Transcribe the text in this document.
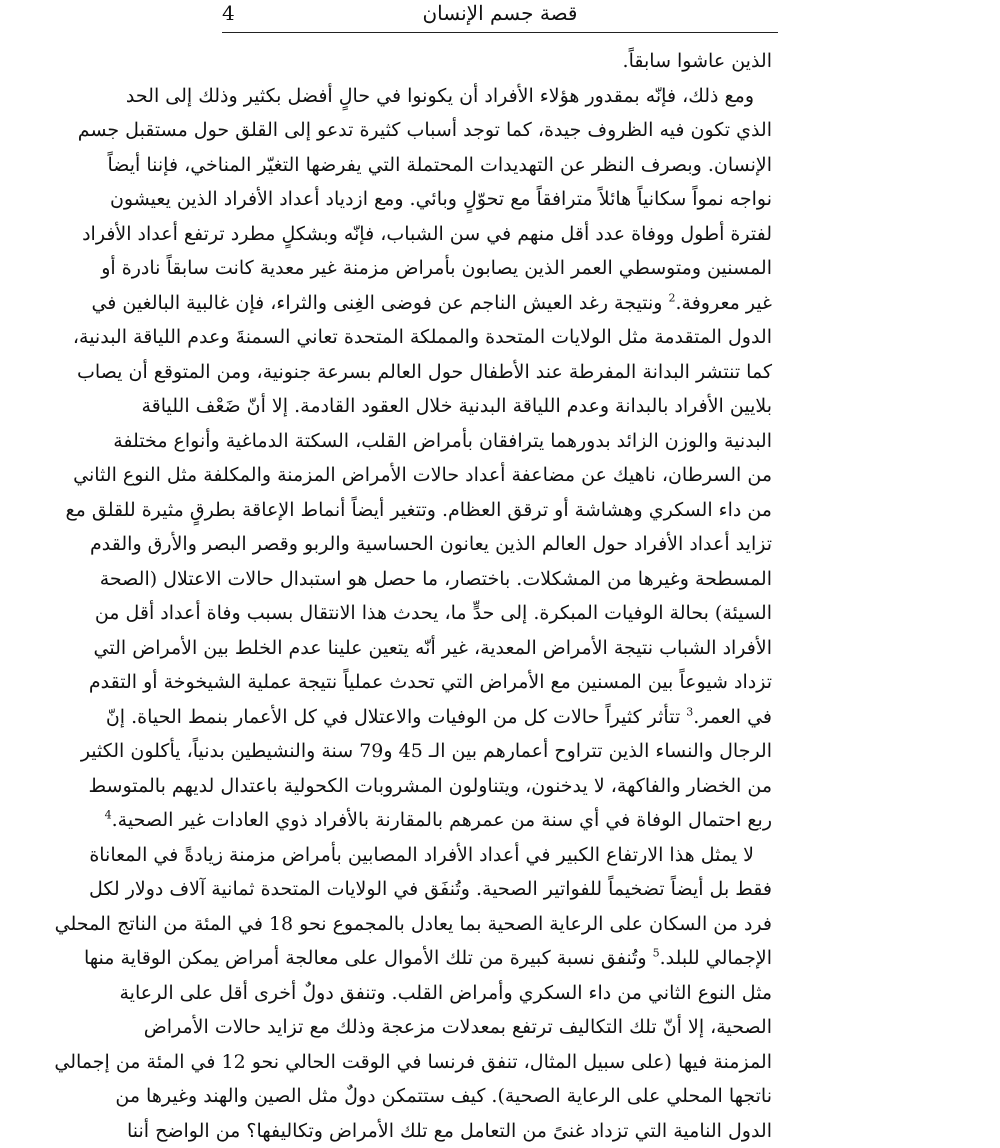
4	قصة جسم الإنسان
الذين عاشوا سابقاً.
ومع ذلك، فإنّه بمقدور هؤلاء الأفراد أن يكونوا في حالٍ أفضل بكثير وذلك إلى الحد
الذي تكون فيه الظروف جيدة، كما توجد أسباب كثيرة تدعو إلى القلق حول مستقبل جسم
الإنسان. وبصرف النظر عن التهديدات المحتملة التي يفرضها التغيّر المناخي، فإننا أيضاً
نواجه نمواً سكانياً هائلاً مترافقاً مع تحوّلٍ وبائي. ومع ازدياد أعداد الأفراد الذين يعيشون
لفترة أطول ووفاة عدد أقل منهم في سن الشباب، فإنّه وبشكلٍ مطرد ترتفع أعداد الأفراد
المسنين ومتوسطي العمر الذين يصابون بأمراض مزمنة غير معدية كانت سابقاً نادرة أو
غير معروفة.$^2$ ونتيجة رغد العيش الناجم عن فوضى الغِنى والثراء، فإن غالبية البالغين في
الدول المتقدمة مثل الولايات المتحدة والمملكة المتحدة تعاني السمنةَ وعدم اللياقة البدنية،
كما تنتشر البدانة المفرطة عند الأطفال حول العالم بسرعة جنونية، ومن المتوقع أن يصاب
بلايين الأفراد بالبدانة وعدم اللياقة البدنية خلال العقود القادمة. إلا أنّ ضَعْف اللياقة
البدنية والوزن الزائد بدورهما يترافقان بأمراض القلب، السكتة الدماغية وأنواع مختلفة
من السرطان، ناهيك عن مضاعفة أعداد حالات الأمراض المزمنة والمكلفة مثل النوع الثاني
من داء السكري وهشاشة أو ترقق العظام. وتتغير أيضاً أنماط الإعاقة بطرقٍ مثيرة للقلق مع
تزايد أعداد الأفراد حول العالم الذين يعانون الحساسية والربو وقصر البصر والأرق والقدم
المسطحة وغيرها من المشكلات. باختصار، ما حصل هو استبدال حالات الاعتلال (الصحة
السيئة) بحالة الوفيات المبكرة. إلى حدٍّ ما، يحدث هذا الانتقال بسبب وفاة أعداد أقل من
الأفراد الشباب نتيجة الأمراض المعدية، غير أنّه يتعين علينا عدم الخلط بين الأمراض التي
تزداد شيوعاً بين المسنين مع الأمراض التي تحدث عملياً نتيجة عملية الشيخوخة أو التقدم
في العمر.$^3$ تتأثر كثيراً حالات كل من الوفيات والاعتلال في كل الأعمار بنمط الحياة. إنّ
الرجال والنساء الذين تتراوح أعمارهم بين الـ 45 و79 سنة والنشيطين بدنياً، يأكلون الكثير
من الخضار والفاكهة، لا يدخنون، ويتناولون المشروبات الكحولية باعتدال لديهم بالمتوسط
ربع احتمال الوفاة في أي سنة من عمرهم بالمقارنة بالأفراد ذوي العادات غير الصحية.$^4$
لا يمثل هذا الارتفاع الكبير في أعداد الأفراد المصابين بأمراض مزمنة زيادةً في المعاناة
فقط بل أيضاً تضخيماً للفواتير الصحية. وتُنفَق في الولايات المتحدة ثمانية آلاف دولار لكل
فرد من السكان على الرعاية الصحية بما يعادل بالمجموع نحو 18 في المئة من الناتج المحلي
الإجمالي للبلد.$^5$ وتُنفق نسبة كبيرة من تلك الأموال على معالجة أمراض يمكن الوقاية منها
مثل النوع الثاني من داء السكري وأمراض القلب. وتنفق دولٌ أخرى أقل على الرعاية
الصحية، إلا أنّ تلك التكاليف ترتفع بمعدلات مزعجة وذلك مع تزايد حالات الأمراض
المزمنة فيها (على سبيل المثال، تنفق فرنسا في الوقت الحالي نحو 12 في المئة من إجمالي
ناتجها المحلي على الرعاية الصحية). كيف ستتمكن دولٌ مثل الصين والهند وغيرها من
الدول النامية التي تزداد غنىً من التعامل مع تلك الأمراض وتكاليفها؟ من الواضح أننا
